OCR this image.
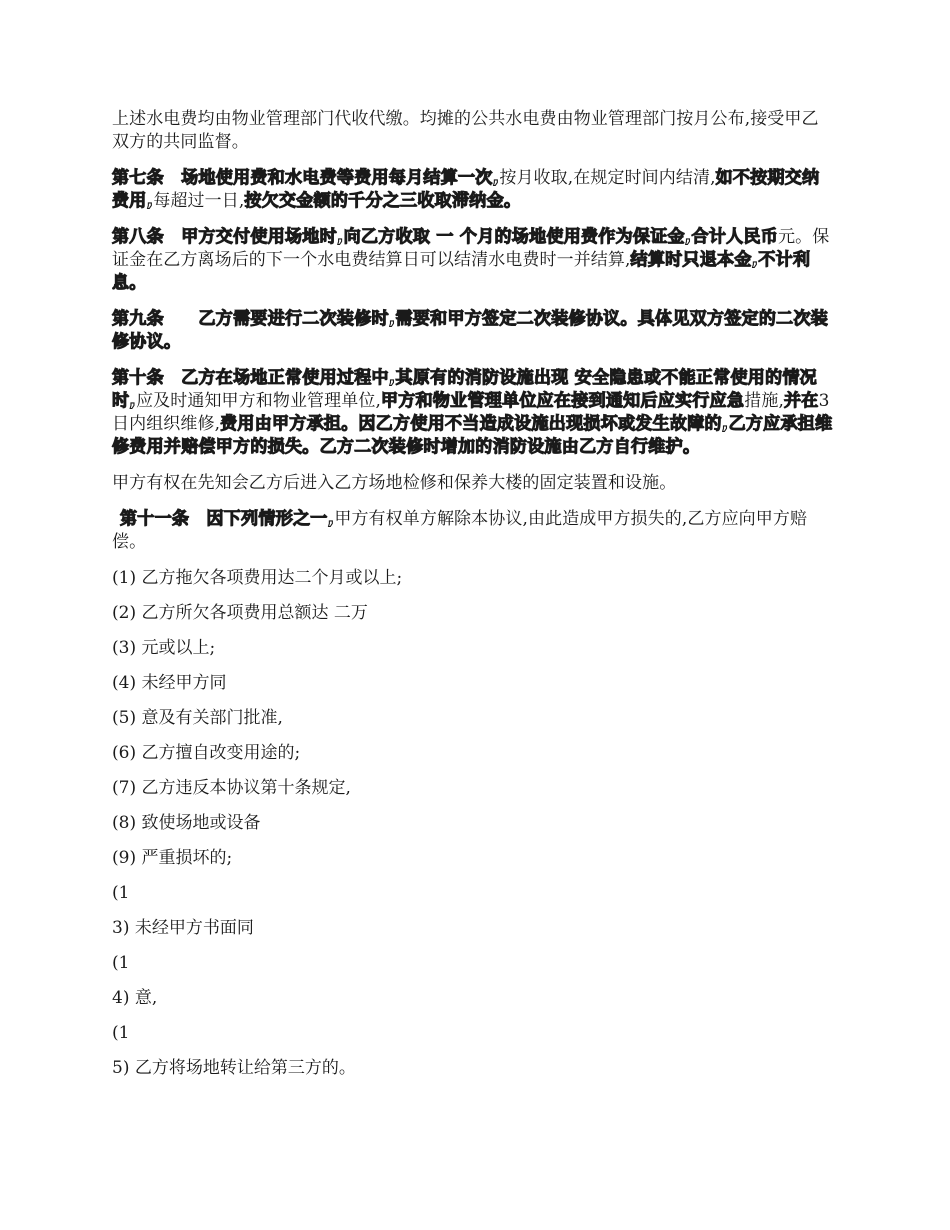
上述水电费均由物业管理部门代收代缴。均摊的公共水电费由物业管理部门按月公布,接受甲乙双方的共同监督。

第七条　场地使用费和水电费等费用每月结算一次,按月收取,在规定时间内结清,如不按期交纳费用,每超过一日,按欠交金额的千分之三收取滞纳金。

第八条　甲方交付使用场地时,向乙方收取 一 个月的场地使用费作为保证金,合计人民币元。保证金在乙方离场后的下一个水电费结算日可以结清水电费时一并结算,结算时只退本金,不计利息。

第九条　　乙方需要进行二次装修时,需要和甲方签定二次装修协议。具体见双方签定的二次装修协议。

第十条　乙方在场地正常使用过程中,其原有的消防设施出现 安全隐患或不能正常使用的情况时,应及时通知甲方和物业管理单位,甲方和物业管理单位应在接到通知后应实行应急措施,并在3 日内组织维修,费用由甲方承担。因乙方使用不当造成设施出现损坏或发生故障的,乙方应承担维修费用并赔偿甲方的损失。乙方二次装修时增加的消防设施由乙方自行维护。

甲方有权在先知会乙方后进入乙方场地检修和保养大楼的固定装置和设施。

第十一条　因下列情形之一,甲方有权单方解除本协议,由此造成甲方损失的,乙方应向甲方赔偿。

(1) 乙方拖欠各项费用达二个月或以上;

(2) 乙方所欠各项费用总额达 二万

(3) 元或以上;

(4) 未经甲方同

(5) 意及有关部门批准,

(6) 乙方擅自改变用途的;

(7) 乙方违反本协议第十条规定,

(8) 致使场地或设备

(9) 严重损坏的;

(1

3) 未经甲方书面同

(1

4) 意,

(1

5) 乙方将场地转让给第三方的。
